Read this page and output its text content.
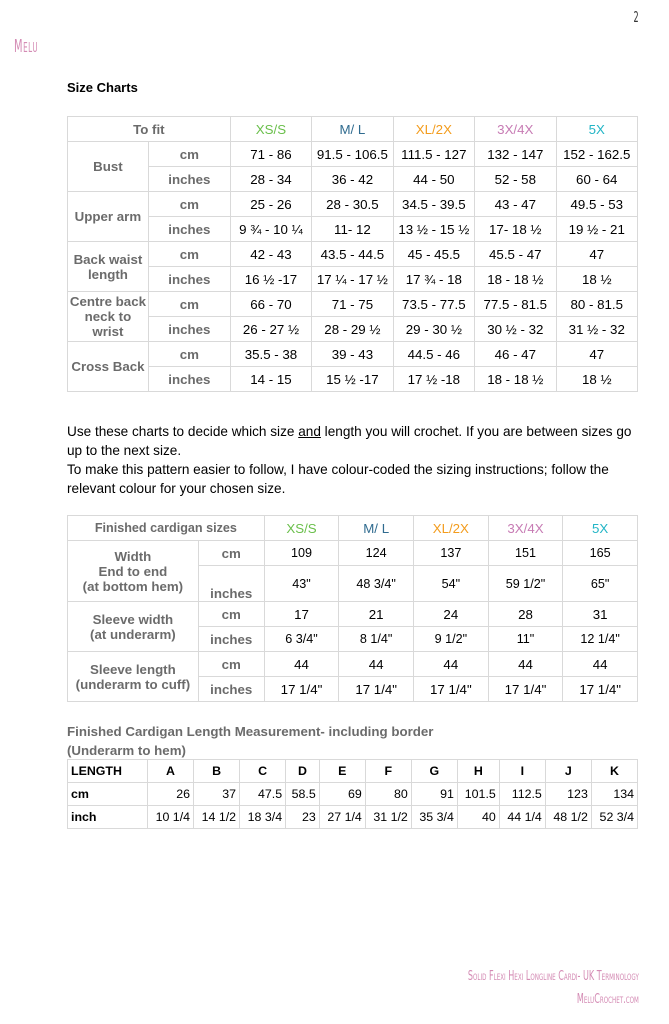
2
Melu
Size Charts
To fit		XS/S	M/ L	XL/2X	3X/4X	5X
Bust	cm	71 - 86	91.5 - 106.5	111.5 - 127	132 - 147	152 - 162.5
	inches	28 - 34	36 - 42	44 - 50	52 - 58	60 - 64
Upper arm	cm	25 - 26	28 - 30.5	34.5 - 39.5	43 - 47	49.5 - 53
	inches	9 ¾ - 10 ¼	11- 12	13 ½ - 15 ½	17- 18 ½	19 ½ - 21
Back waist length	cm	42 - 43	43.5 - 44.5	45 - 45.5	45.5 - 47	47
	inches	16 ½ -17	17 ¼ - 17 ½	17 ¾ - 18	18 - 18 ½	18 ½
Centre back neck to wrist	cm	66 - 70	71 - 75	73.5 - 77.5	77.5 - 81.5	80 - 81.5
	inches	26 - 27 ½	28 - 29 ½	29 - 30 ½	30 ½ - 32	31 ½ - 32
Cross Back	cm	35.5 - 38	39 - 43	44.5 - 46	46 - 47	47
	inches	14 - 15	15 ½ -17	17 ½ -18	18 - 18 ½	18 ½
Use these charts to decide which size and length you will crochet. If you are between sizes go up to the next size.
To make this pattern easier to follow, I have colour-coded the sizing instructions; follow the relevant colour for your chosen size.
Finished cardigan sizes		XS/S	M/ L	XL/2X	3X/4X	5X

Width
End to end
(at bottom hem)	cm	109	124	137	151	165
	inches	43"	48 3/4"	54"	59 1/2"	65"

Sleeve width
(at underarm)	cm	17	21	24	28	31
	inches	6 3/4"	8 1/4"	9 1/2"	11"	12 1/4"

Sleeve length
(underarm to cuff)	cm	44	44	44	44	44
	inches	17 1/4"	17 1/4"	17 1/4"	17 1/4"	17 1/4"
Finished Cardigan Length Measurement- including border
(Underarm to hem)
LENGTH	A	B	C	D	E	F	G	H	I	J	K
cm	26	37	47.5	58.5	69	80	91	101.5	112.5	123	134
inch	10 1/4	14 1/2	18 3/4	23	27 1/4	31 1/2	35 3/4	40	44 1/4	48 1/2	52 3/4
Solid Flexi Hexi Longline Cardi- UK Terminology
MeluCrochet.com
